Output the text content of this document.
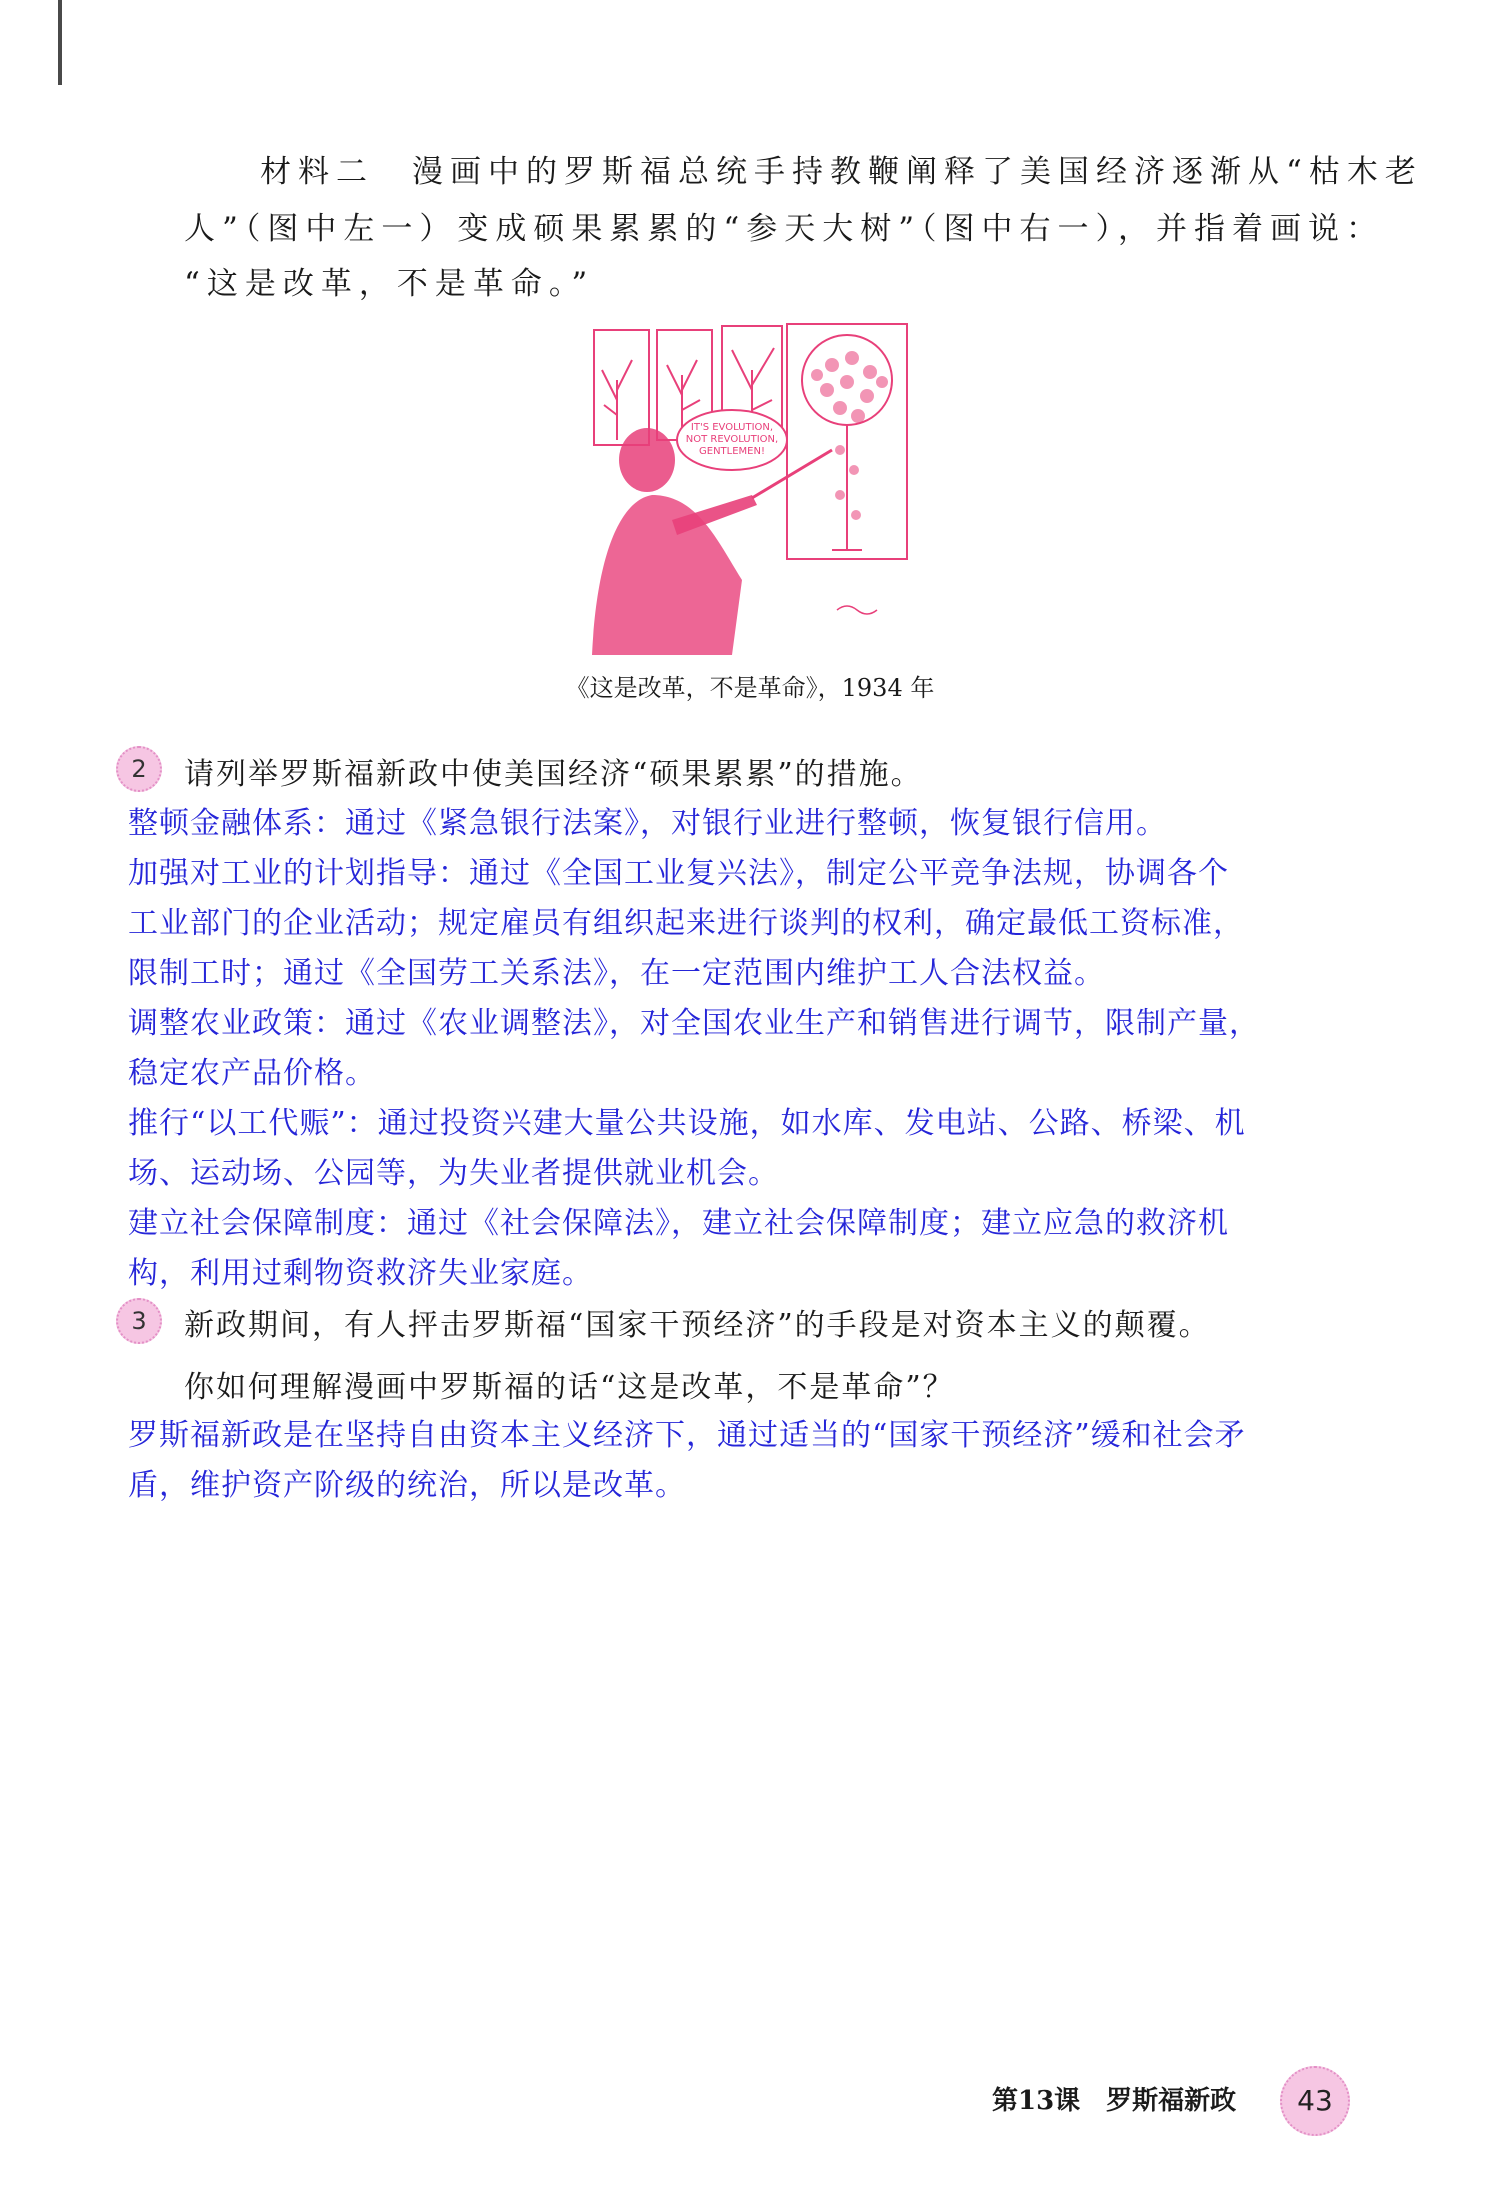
材料二　漫画中的罗斯福总统手持教鞭阐释了美国经济逐渐从“枯木老
人”（图中左一）变成硕果累累的“参天大树”（图中右一），并指着画说：
“这是改革，不是革命。”
IT'S EVOLUTION,
NOT REVOLUTION,
GENTLEMEN!
《这是改革，不是革命》，1934 年
2	请列举罗斯福新政中使美国经济“硕果累累”的措施。
整顿金融体系：通过《紧急银行法案》，对银行业进行整顿，恢复银行信用。
加强对工业的计划指导：通过《全国工业复兴法》，制定公平竞争法规，协调各个
工业部门的企业活动；规定雇员有组织起来进行谈判的权利，确定最低工资标准，
限制工时；通过《全国劳工关系法》，在一定范围内维护工人合法权益。
调整农业政策：通过《农业调整法》，对全国农业生产和销售进行调节，限制产量，
稳定农产品价格。
推行“以工代赈”：通过投资兴建大量公共设施，如水库、发电站、公路、桥梁、机
场、运动场、公园等，为失业者提供就业机会。
建立社会保障制度：通过《社会保障法》，建立社会保障制度；建立应急的救济机
构，利用过剩物资救济失业家庭。
3	新政期间，有人抨击罗斯福“国家干预经济”的手段是对资本主义的颠覆。
你如何理解漫画中罗斯福的话“这是改革，不是革命”？
罗斯福新政是在坚持自由资本主义经济下，通过适当的“国家干预经济”缓和社会矛
盾，维护资产阶级的统治，所以是改革。
第13课　罗斯福新政	43
